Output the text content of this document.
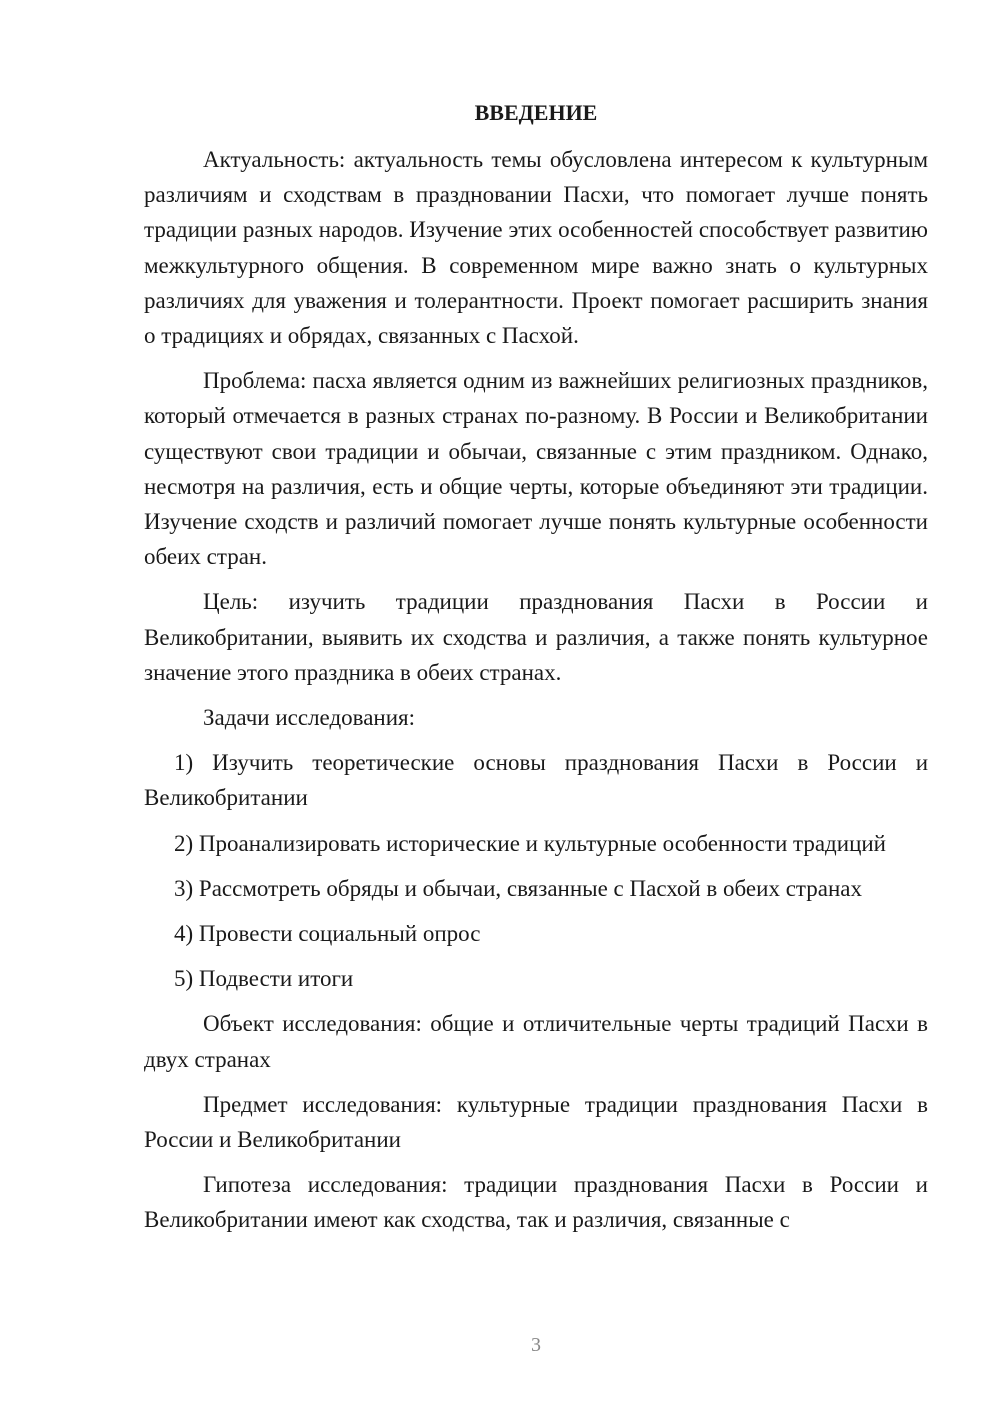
ВВЕДЕНИЕ

Актуальность: актуальность темы обусловлена интересом к культурным различиям и сходствам в праздновании Пасхи, что помогает лучше понять традиции разных народов. Изучение этих особенностей способствует развитию межкультурного общения. В современном мире важно знать о культурных различиях для уважения и толерантности. Проект помогает расширить знания о традициях и обрядах, связанных с Пасхой.

Проблема: пасха является одним из важнейших религиозных праздников, который отмечается в разных странах по-разному. В России и Великобритании существуют свои традиции и обычаи, связанные с этим праздником. Однако, несмотря на различия, есть и общие черты, которые объединяют эти традиции. Изучение сходств и различий помогает лучше понять культурные особенности обеих стран.

Цель: изучить традиции празднования Пасхи в России и Великобритании, выявить их сходства и различия, а также понять культурное значение этого праздника в обеих странах.

Задачи исследования:

1) Изучить теоретические основы празднования Пасхи в России и Великобритании

2) Проанализировать исторические и культурные особенности традиций

3) Рассмотреть обряды и обычаи, связанные с Пасхой в обеих странах

4) Провести социальный опрос

5) Подвести итоги

Объект исследования: общие и отличительные черты традиций Пасхи в двух странах

Предмет исследования: культурные традиции празднования Пасхи в России и Великобритании

Гипотеза исследования: традиции празднования Пасхи в России и Великобритании имеют как сходства, так и различия, связанные с

3
